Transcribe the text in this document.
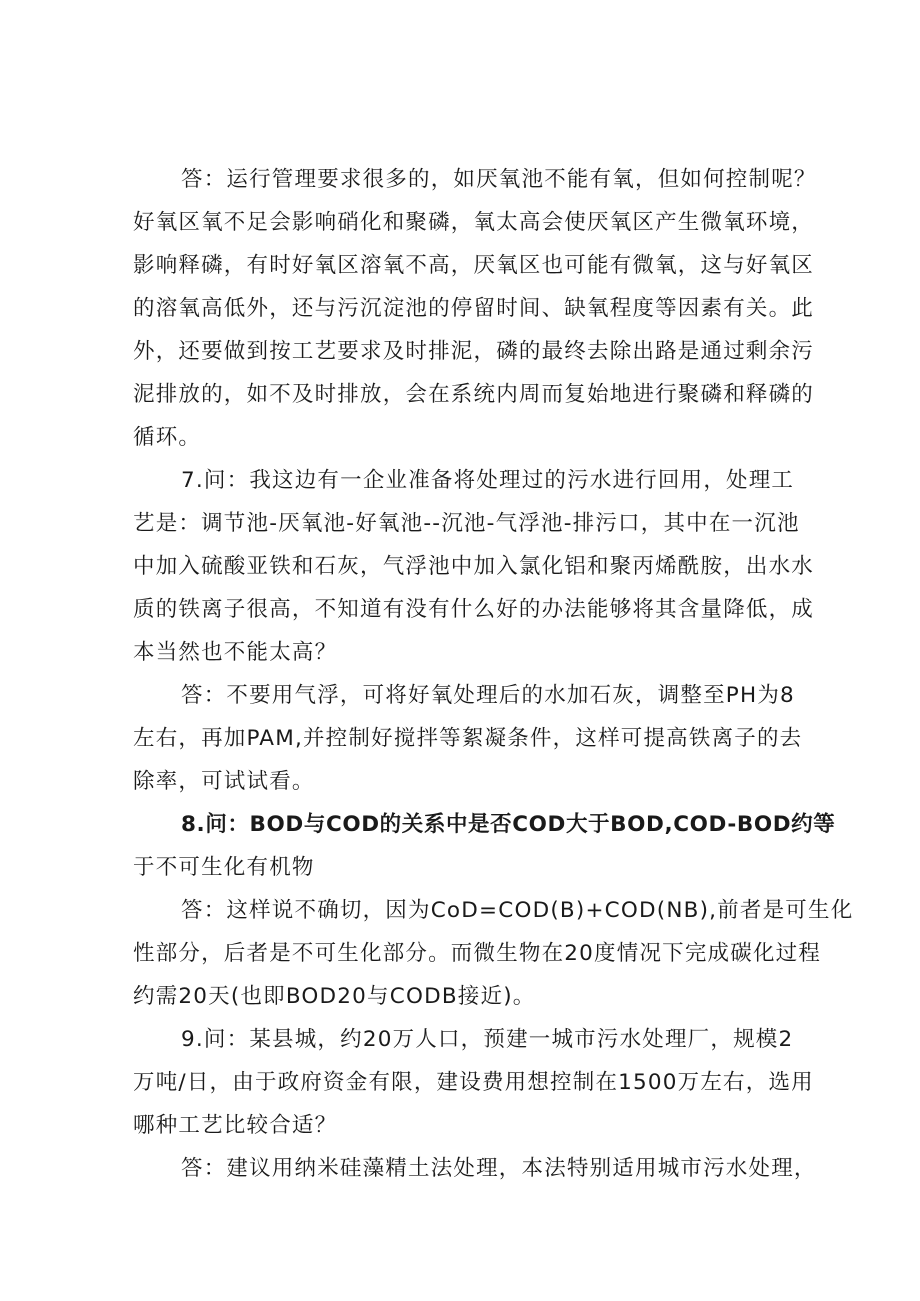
答：运行管理要求很多的，如厌氧池不能有氧，但如何控制呢？
好氧区氧不足会影响硝化和聚磷，氧太高会使厌氧区产生微氧环境，
影响释磷，有时好氧区溶氧不高，厌氧区也可能有微氧，这与好氧区
的溶氧高低外，还与污沉淀池的停留时间、缺氧程度等因素有关。此
外，还要做到按工艺要求及时排泥，磷的最终去除出路是通过剩余污
泥排放的，如不及时排放，会在系统内周而复始地进行聚磷和释磷的
循环。
7.问：我这边有一企业准备将处理过的污水进行回用，处理工
艺是：调节池-厌氧池-好氧池--沉池-气浮池-排污口，其中在一沉池
中加入硫酸亚铁和石灰，气浮池中加入氯化铝和聚丙烯酰胺，出水水
质的铁离子很高，不知道有没有什么好的办法能够将其含量降低，成
本当然也不能太高？
答：不要用气浮，可将好氧处理后的水加石灰，调整至PH为8
左右，再加PAM,并控制好搅拌等絮凝条件，这样可提高铁离子的去
除率，可试试看。
8.问：BOD与COD的关系中是否COD大于BOD,COD-BOD约等
于不可生化有机物
答：这样说不确切，因为CoD=COD(B)+COD(NB),前者是可生化
性部分，后者是不可生化部分。而微生物在20度情况下完成碳化过程
约需20天(也即BOD20与CODB接近)。
9.问：某县城，约20万人口，预建一城市污水处理厂，规模2
万吨/日，由于政府资金有限，建设费用想控制在1500万左右，选用
哪种工艺比较合适？
答：建议用纳米硅藻精土法处理，本法特别适用城市污水处理，
